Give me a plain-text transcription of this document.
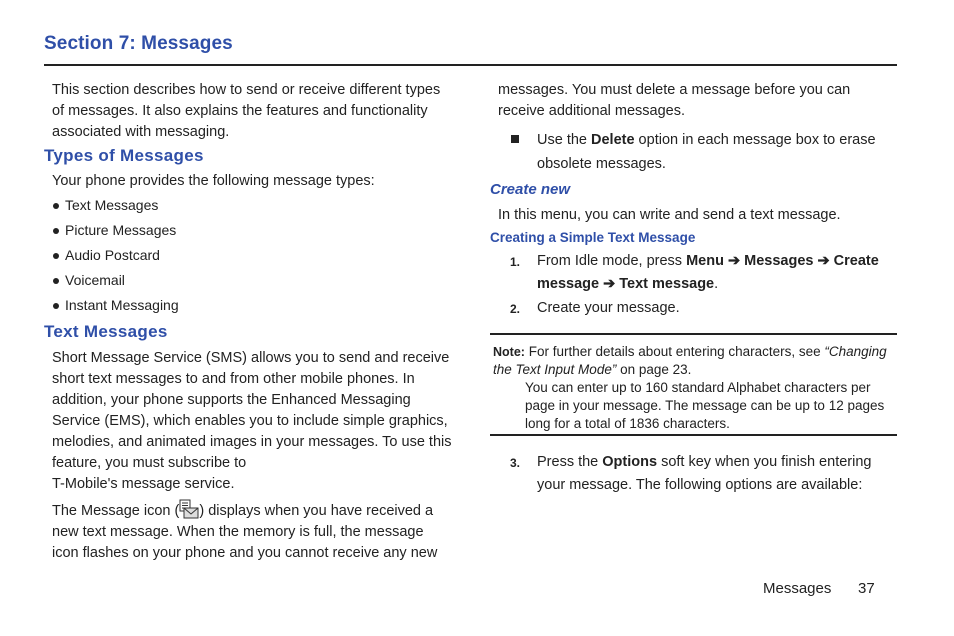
Section 7: Messages

This section describes how to send or receive different types of messages. It also explains the features and functionality associated with messaging.

Types of Messages
Your phone provides the following message types:
Text Messages
Picture Messages
Audio Postcard
Voicemail
Instant Messaging
Text Messages

Short Message Service (SMS) allows you to send and receive short text messages to and from other mobile phones. In addition, your phone supports the Enhanced Messaging Service (EMS), which enables you to include simple graphics, melodies, and animated images in your messages. To use this feature, you must subscribe to

T-Mobile's message service.

The Message icon ( ) displays when you have received a new text message. When the memory is full, the message icon flashes on your phone and you cannot receive any new

messages. You must delete a message before you can receive additional messages.
Use the Delete option in each message box to erase obsolete messages.
Create new
In this menu, you can write and send a text message.
Creating a Simple Text Message
1.	From Idle mode, press Menu ➔ Messages ➔ Create message ➔ Text message.
2.	Create your message.
Note: For further details about entering characters, see “Changing the Text Input Mode” on page 23.
You can enter up to 160 standard Alphabet characters per page in your message. The message can be up to 12 pages long for a total of 1836 characters.
3.	Press the Options soft key when you finish entering your message. The following options are available:
Messages 37
